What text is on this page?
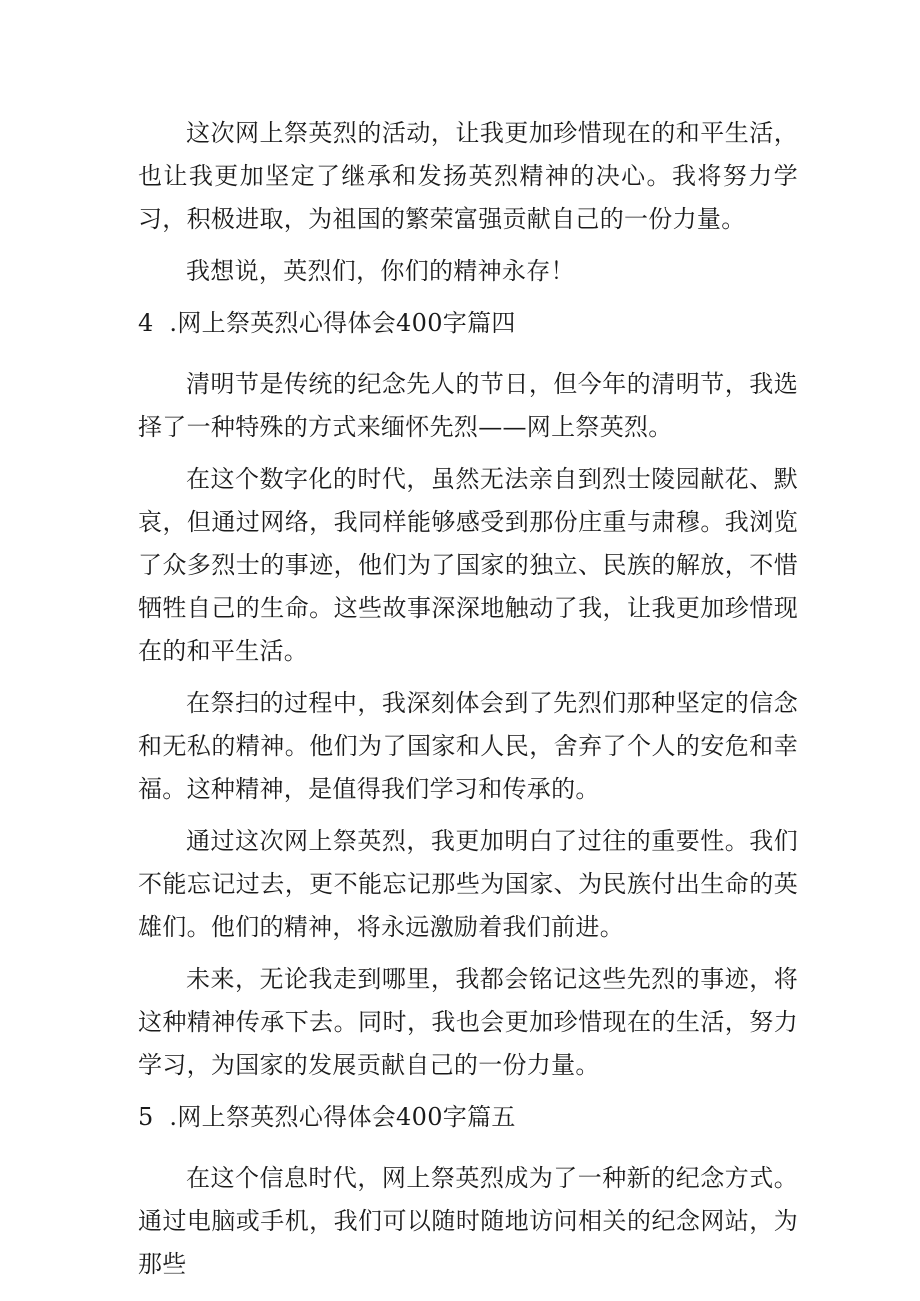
这次网上祭英烈的活动，让我更加珍惜现在的和平生活，也让我更加坚定了继承和发扬英烈精神的决心。我将努力学习，积极进取，为祖国的繁荣富强贡献自己的一份力量。

我想说，英烈们，你们的精神永存！

4  .网上祭英烈心得体会400字篇四

清明节是传统的纪念先人的节日，但今年的清明节，我选择了一种特殊的方式来缅怀先烈——网上祭英烈。

在这个数字化的时代，虽然无法亲自到烈士陵园献花、默哀，但通过网络，我同样能够感受到那份庄重与肃穆。我浏览了众多烈士的事迹，他们为了国家的独立、民族的解放，不惜牺牲自己的生命。这些故事深深地触动了我，让我更加珍惜现在的和平生活。

在祭扫的过程中，我深刻体会到了先烈们那种坚定的信念和无私的精神。他们为了国家和人民，舍弃了个人的安危和幸福。这种精神，是值得我们学习和传承的。

通过这次网上祭英烈，我更加明白了过往的重要性。我们不能忘记过去，更不能忘记那些为国家、为民族付出生命的英雄们。他们的精神，将永远激励着我们前进。

未来，无论我走到哪里，我都会铭记这些先烈的事迹，将这种精神传承下去。同时，我也会更加珍惜现在的生活，努力学习，为国家的发展贡献自己的一份力量。

5  .网上祭英烈心得体会400字篇五

在这个信息时代，网上祭英烈成为了一种新的纪念方式。通过电脑或手机，我们可以随时随地访问相关的纪念网站，为那些
